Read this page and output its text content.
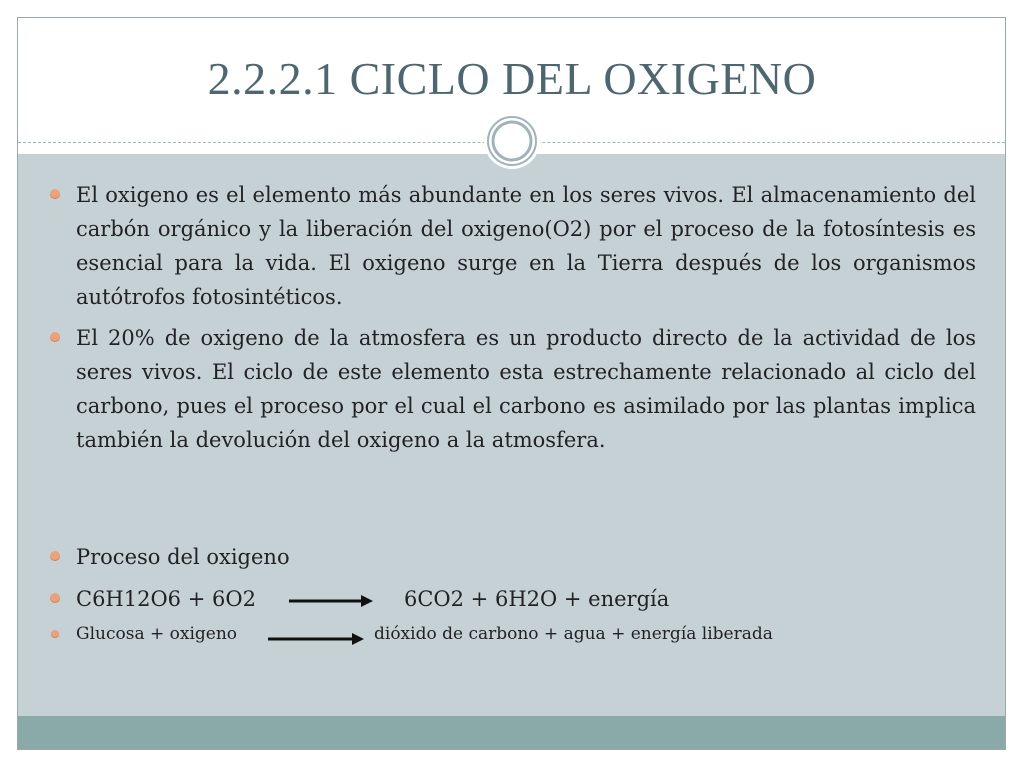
2.2.2.1 CICLO DEL OXIGENO
El oxigeno es el elemento más abundante en los seres vivos. El almacenamiento del carbón orgánico y la liberación del oxigeno(O2) por el proceso de la fotosíntesis es esencial para la vida. El oxigeno surge en la Tierra después de los organismos autótrofos fotosintéticos.
El 20% de oxigeno de la atmosfera es un producto directo de la actividad de los seres vivos. El ciclo de este elemento esta estrechamente relacionado al ciclo del carbono, pues el proceso por el cual el carbono es asimilado por las plantas implica también la devolución del oxigeno a la atmosfera.
Proceso del oxigeno
C6H12O6 + 6O2	6CO2 + 6H2O + energía
Glucosa + oxigeno	dióxido de carbono + agua + energía liberada
